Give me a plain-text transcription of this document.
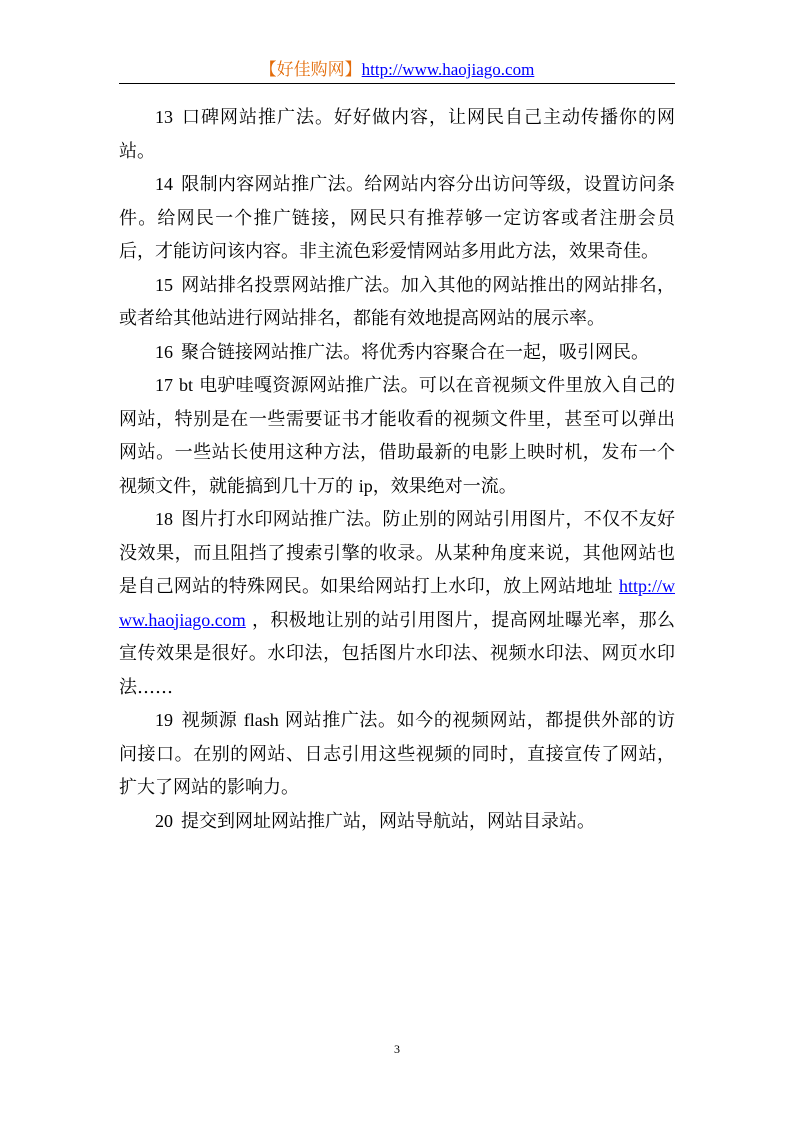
【好佳购网】http://www.haojiago.com

13 口碑网站推广法。好好做内容，让网民自己主动传播你的网站。

14 限制内容网站推广法。给网站内容分出访问等级，设置访问条件。给网民一个推广链接，网民只有推荐够一定访客或者注册会员后，才能访问该内容。非主流色彩爱情网站多用此方法，效果奇佳。

15 网站排名投票网站推广法。加入其他的网站推出的网站排名，或者给其他站进行网站排名，都能有效地提高网站的展示率。

16 聚合链接网站推广法。将优秀内容聚合在一起，吸引网民。

17 bt 电驴哇嘎资源网站推广法。可以在音视频文件里放入自己的网站，特别是在一些需要证书才能收看的视频文件里，甚至可以弹出网站。一些站长使用这种方法，借助最新的电影上映时机，发布一个视频文件，就能搞到几十万的 ip，效果绝对一流。

18 图片打水印网站推广法。防止别的网站引用图片，不仅不友好没效果，而且阻挡了搜索引擎的收录。从某种角度来说，其他网站也是自己网站的特殊网民。如果给网站打上水印，放上网站地址 http://www.haojiago.com ，积极地让别的站引用图片，提高网址曝光率，那么宣传效果是很好。水印法，包括图片水印法、视频水印法、网页水印法……

19 视频源 flash 网站推广法。如今的视频网站，都提供外部的访问接口。在别的网站、日志引用这些视频的同时，直接宣传了网站，扩大了网站的影响力。

20 提交到网址网站推广站，网站导航站，网站目录站。

3
